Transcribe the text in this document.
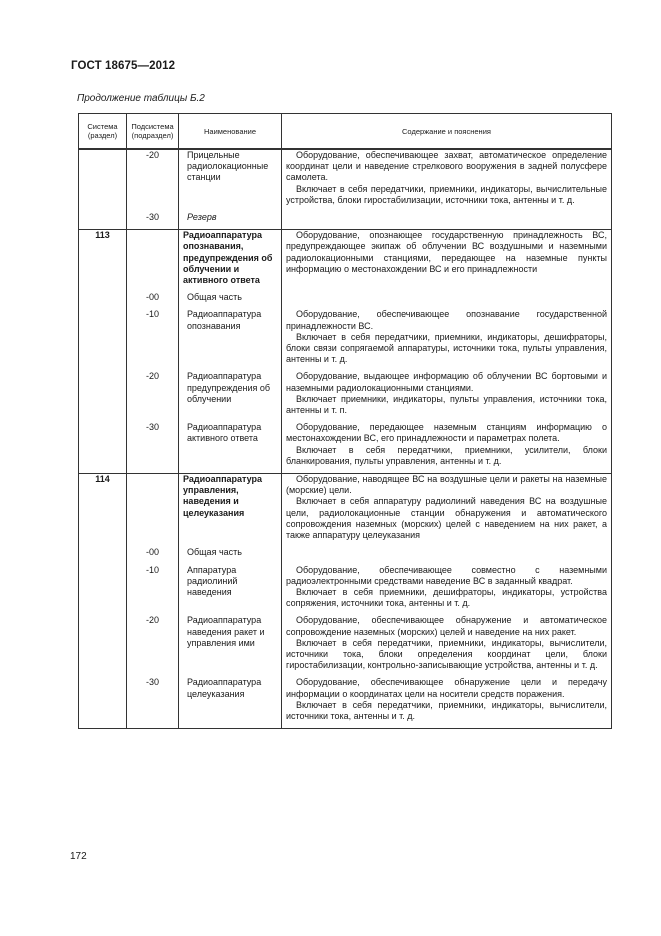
ГОСТ 18675—2012
Продолжение таблицы Б.2
Система (раздел)	Подсистема (подраздел)	Наименование	Содержание и пояснения
	-20	Прицельные радиолокационные станции	Оборудование, обеспечивающее захват, автоматическое определение координат цели и наведение стрелкового вооружения в задней полусфере самолета.
Включает в себя передатчики, приемники, индикаторы, вычислительные устройства, блоки гиростабилизации, источники тока, антенны и т. д.

	-30	Резерв	
113		Радиоаппаратура опознавания, предупреждения об облучении и активного ответа	Оборудование, опознающее государственную принадлежность ВС, предупреждающее экипаж об облучении ВС воздушными и наземными радиолокационными станциями, передающее на наземные пункты информацию о местонахождении ВС и его принадлежности

	-00	Общая часть	
	-10	Радиоаппаратура опознавания	Оборудование, обеспечивающее опознавание государственной принадлежности ВС.
Включает в себя передатчики, приемники, индикаторы, дешифраторы, блоки связи сопрягаемой аппаратуры, источники тока, пульты управления, антенны и т. д.

	-20	Радиоаппаратура предупреждения об облучении	Оборудование, выдающее информацию об облучении ВС бортовыми и наземными радиолокационными станциями.
Включает приемники, индикаторы, пульты управления, источники тока, антенны и т. п.

	-30	Радиоаппаратура активного ответа	Оборудование, передающее наземным станциям информацию о местонахождении ВС, его принадлежности и параметрах полета.
Включает в себя передатчики, приемники, усилители, блоки бланкирования, пульты управления, антенны и т. д.

114		Радиоаппаратура управления, наведения и целеуказания	Оборудование, наводящее ВС на воздушные цели и ракеты на наземные (морские) цели.
Включает в себя аппаратуру радиолиний наведения ВС на воздушные цели, радиолокационные станции обнаружения и автоматического сопровождения наземных (морских) целей с наведением на них ракет, а также аппаратуру целеуказания

	-00	Общая часть	
	-10	Аппаратура радиолиний наведения	Оборудование, обеспечивающее совместно с наземными радиоэлектронными средствами наведение ВС в заданный квадрат.
Включает в себя приемники, дешифраторы, индикаторы, устройства сопряжения, источники тока, антенны и т. д.

	-20	Радиоаппаратура наведения ракет и управления ими	Оборудование, обеспечивающее обнаружение и автоматическое сопровождение наземных (морских) целей и наведение на них ракет.
Включает в себя передатчики, приемники, индикаторы, вычислители, источники тока, блоки определения координат цели, блоки гиростабилизации, контрольно-записывающие устройства, антенны и т. д.

	-30	Радиоаппаратура целеуказания	Оборудование, обеспечивающее обнаружение цели и передачу информации о координатах цели на носители средств поражения.
Включает в себя передатчики, приемники, индикаторы, вычислители, источники тока, антенны и т. д.
172
